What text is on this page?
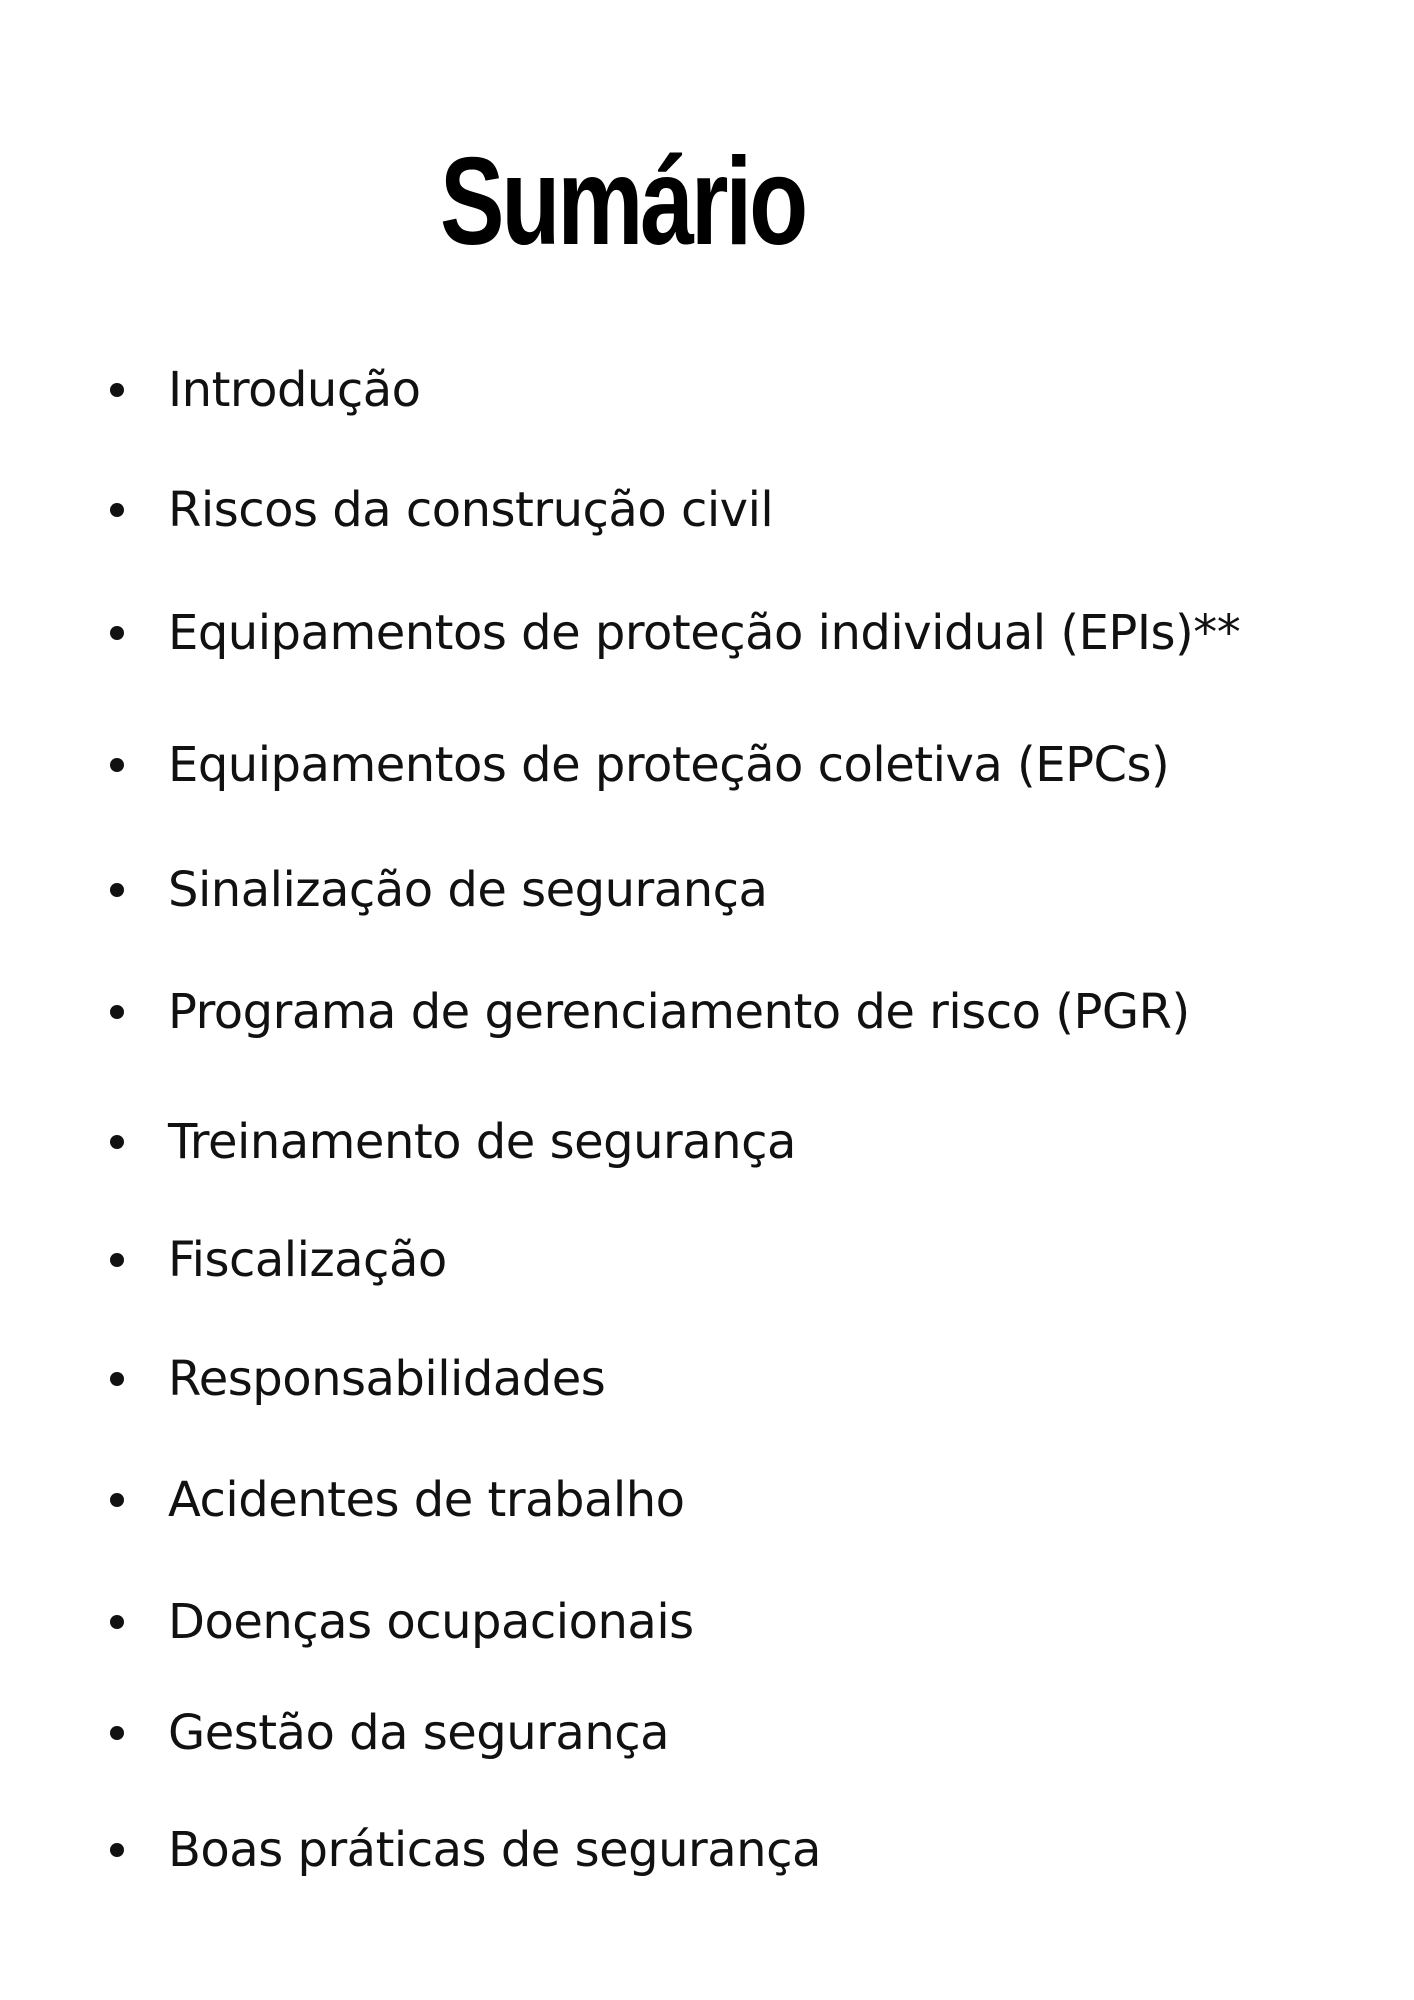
Sumário
Introdução
Riscos da construção civil
Equipamentos de proteção individual (EPIs)**
Equipamentos de proteção coletiva (EPCs)
Sinalização de segurança
Programa de gerenciamento de risco (PGR)
Treinamento de segurança
Fiscalização
Responsabilidades
Acidentes de trabalho
Doenças ocupacionais
Gestão da segurança
Boas práticas de segurança
